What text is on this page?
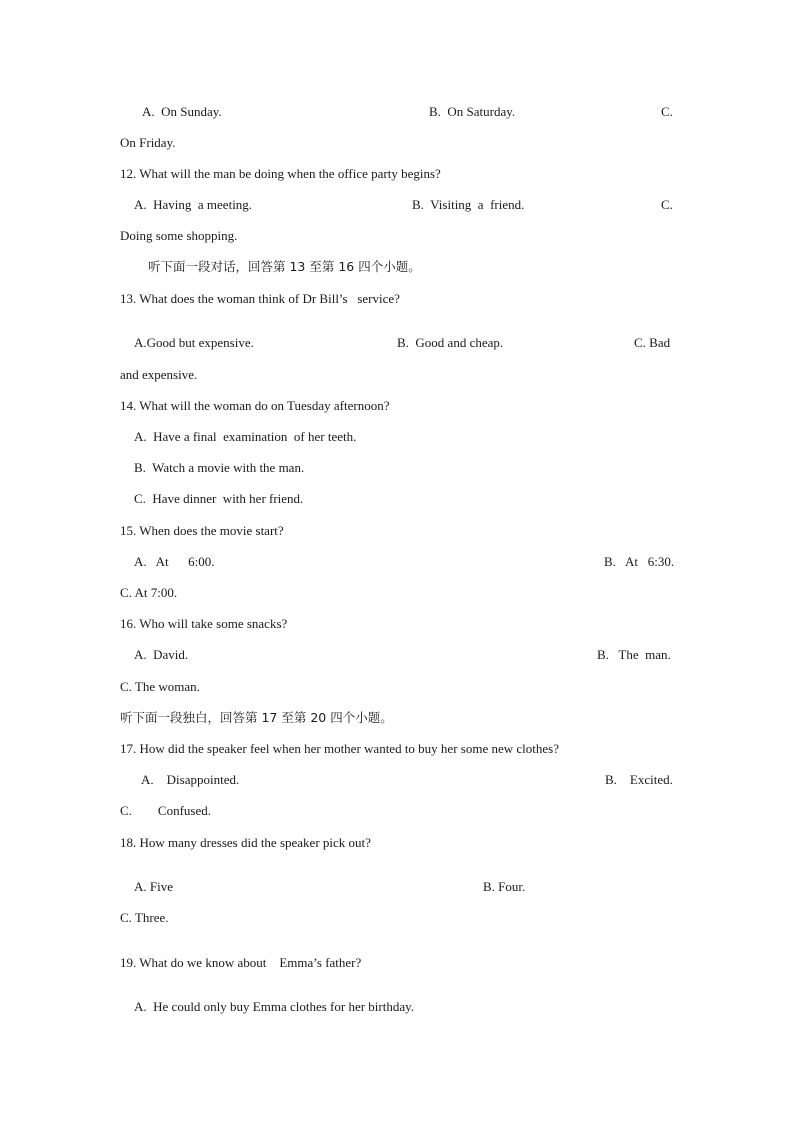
A.  On Sunday.	B.  On Saturday.	C.
On Friday.
12. What will the man be doing when the office party begins?
A.  Having  a meeting.	B.  Visiting  a  friend.	C.
Doing some shopping.
听下面一段对话，回答第 13 至第 16 四个小题。
13. What does the woman think of Dr Bill’s   service?
A.Good but expensive.	B.  Good and cheap.	C. Bad
and expensive.
14. What will the woman do on Tuesday afternoon?
A.  Have a final  examination  of her teeth.
B.  Watch a movie with the man.
C.  Have dinner  with her friend.
15. When does the movie start?
A.   At      6:00.	B.   At   6:30.
C. At 7:00.
16. Who will take some snacks?
A.  David.	B.   The  man.
C. The woman.
听下面一段独白，回答第 17 至第 20 四个小题。
17. How did the speaker feel when her mother wanted to buy her some new clothes?
A.    Disappointed.	B.    Excited.
C.        Confused.
18. How many dresses did the speaker pick out?
A. Five	B. Four.
C. Three.
19. What do we know about    Emma’s father?
A.  He could only buy Emma clothes for her birthday.
